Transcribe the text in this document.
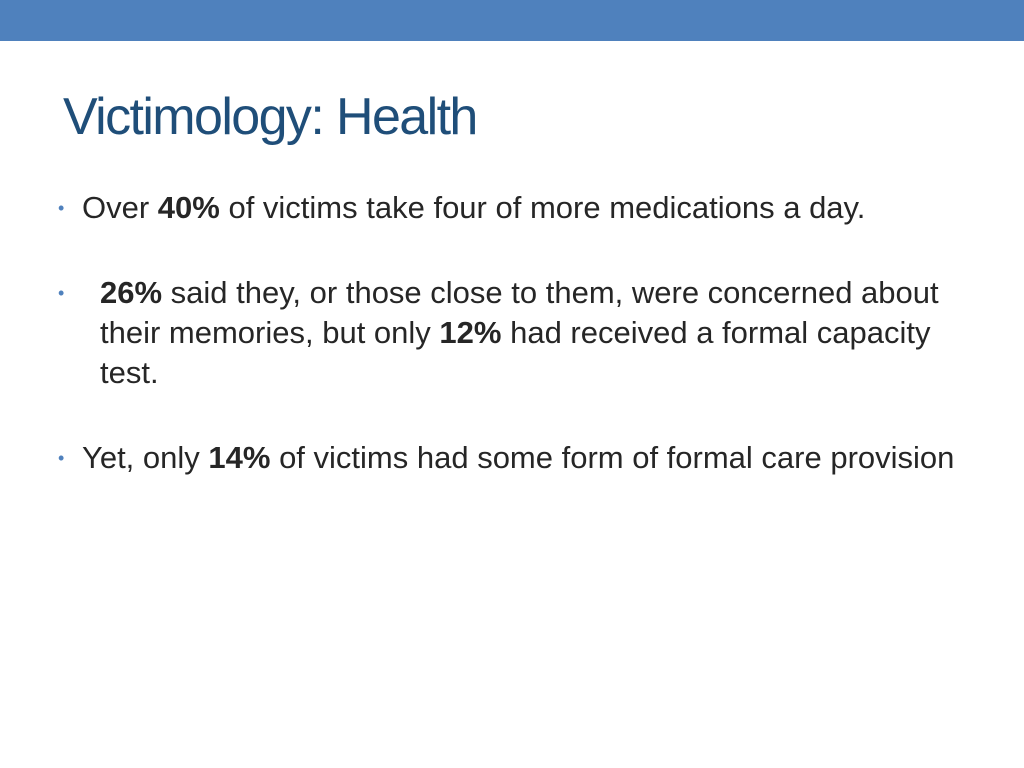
Victimology: Health
• Over 40% of victims take four of more medications a day.
• 26% said they, or those close to them, were concerned about their memories, but only 12% had received a formal capacity test.
• Yet, only 14% of victims had some form of formal care provision
